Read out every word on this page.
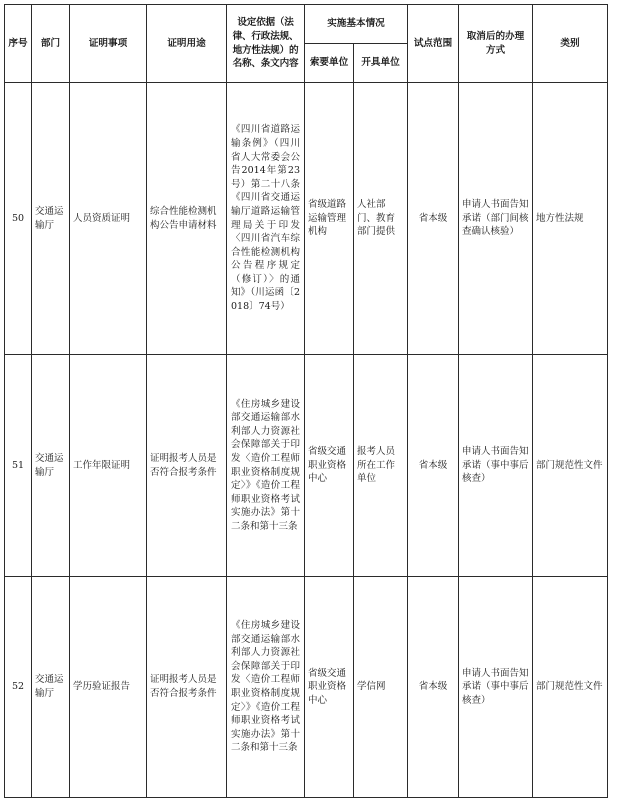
序号	部门	证明事项	证明用途	设定依据（法律、行政法规、地方性法规）的名称、条文内容	实施基本情况		试点范围	取消后的办理方式	类别
					索要单位	开具单位			
50	交通运输厅	人员资质证明	综合性能检测机构公告申请材料	《四川省道路运输条例》（四川省人大常委会公告2014年第23号）第二十八条《四川省交通运输厅道路运输管理局关于印发〈四川省汽车综合性能检测机构公告程序规定（修订）〉的通知》（川运函〔2018〕74号）	省级道路运输管理机构	人社部门、教育部门提供	省本级	申请人书面告知承诺（部门间核查确认核验）	地方性法规
51	交通运输厅	工作年限证明	证明报考人员是否符合报考条件	《住房城乡建设部交通运输部水利部人力资源社会保障部关于印发〈造价工程师职业资格制度规定〉》《造价工程师职业资格考试实施办法》第十二条和第十三条	省级交通职业资格中心	报考人员所在工作单位	省本级	申请人书面告知承诺（事中事后核查）	部门规范性文件
52	交通运输厅	学历验证报告	证明报考人员是否符合报考条件	《住房城乡建设部交通运输部水利部人力资源社会保障部关于印发〈造价工程师职业资格制度规定〉》《造价工程师职业资格考试实施办法》第十二条和第十三条	省级交通职业资格中心	学信网	省本级	申请人书面告知承诺（事中事后核查）	部门规范性文件
